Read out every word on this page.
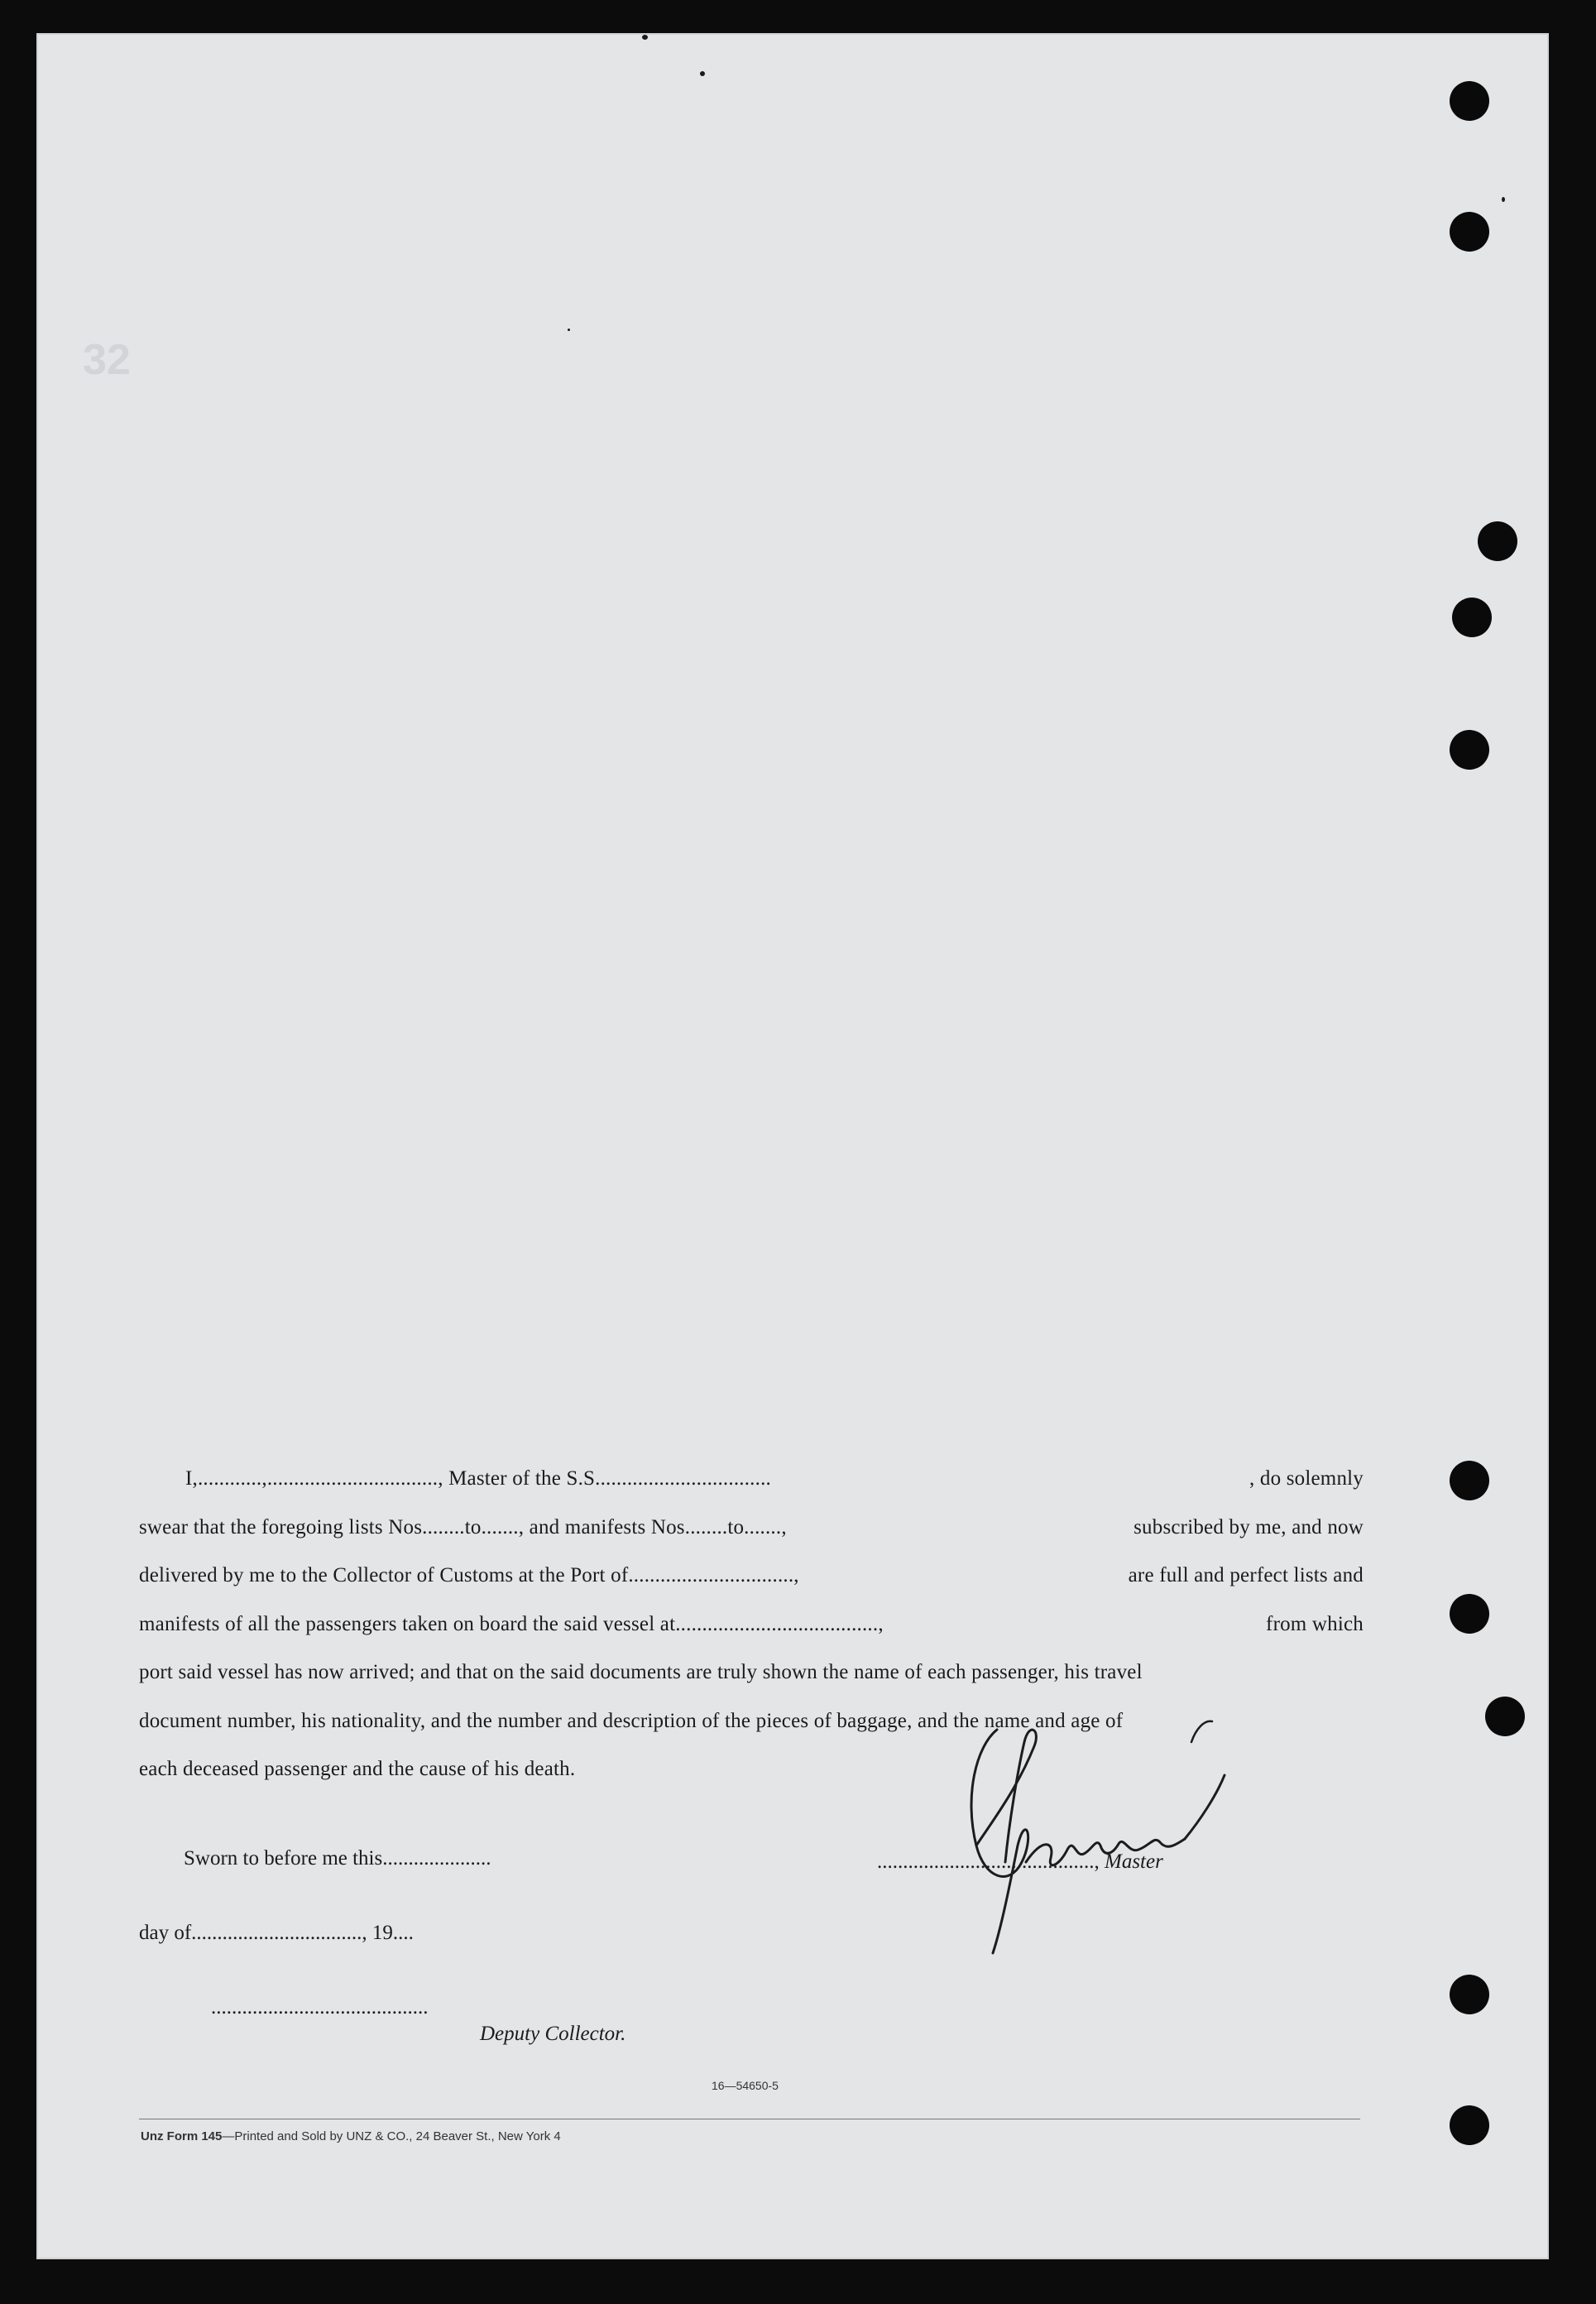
32
I,............,................................, Master of the S.S.................................	, do solemnly
swear that the foregoing lists Nos........to......., and manifests Nos........to.......,	subscribed by me, and now
delivered by me to the Collector of Customs at the Port of...............................,	are full and perfect lists and
manifests of all the passengers taken on board the said vessel at......................................,	from which
port said vessel has now arrived; and that on the said documents are truly shown the name of each passenger, his travel
document number, his nationality, and the number and description of the pieces of baggage, and the name and age of
each deceased passenger and the cause of his death.
Sworn to before me this.....................
day of................................., 19....
..........................................
Deputy Collector.
.........................................., Master
16—54650-5
Unz Form 145—Printed and Sold by UNZ & CO., 24 Beaver St., New York 4
